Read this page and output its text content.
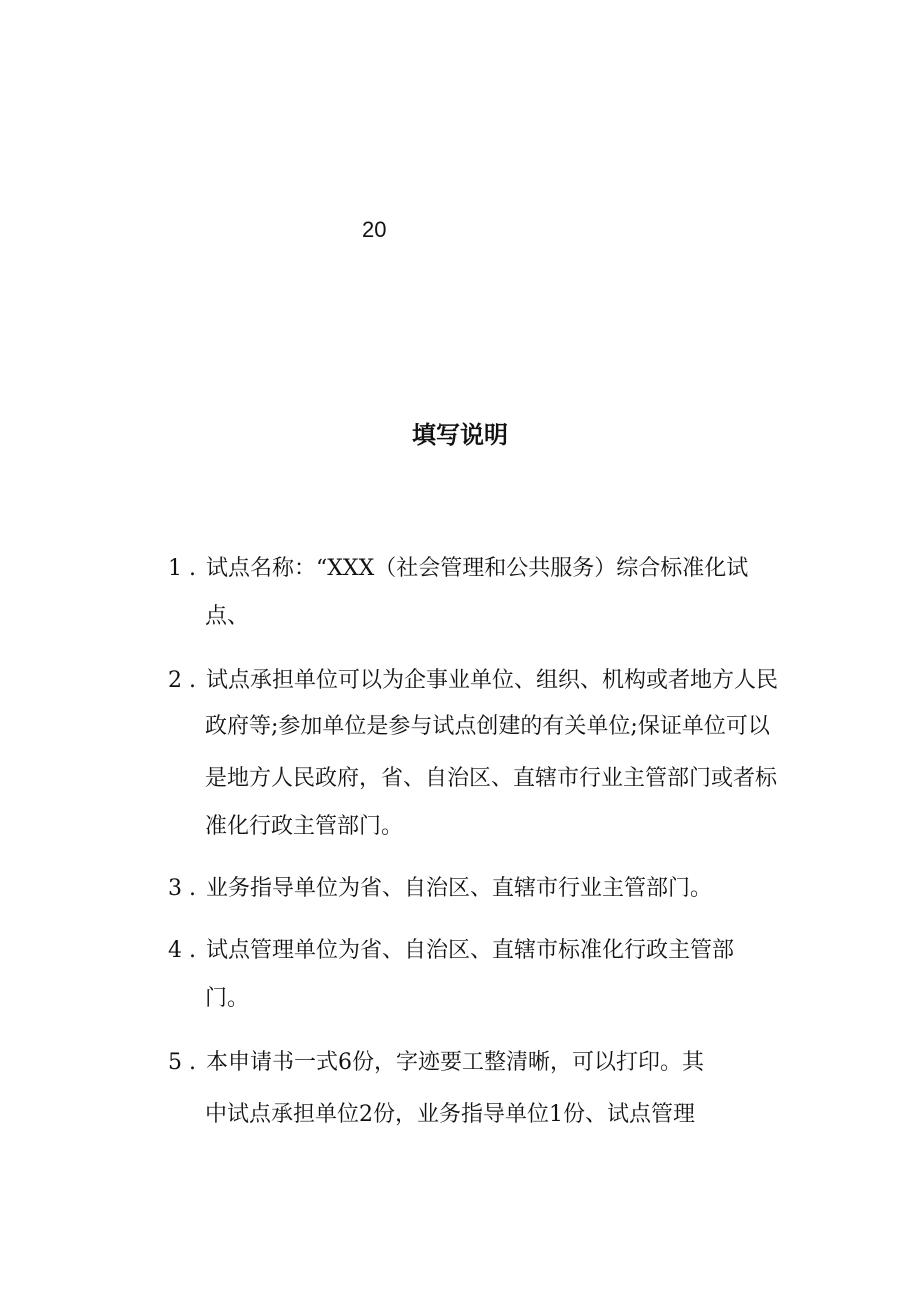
20

填写说明

1 . 试点名称：“XXX（社会管理和公共服务）综合标准化试

点、

2 . 试点承担单位可以为企事业单位、组织、机构或者地方人民

政府等;参加单位是参与试点创建的有关单位;保证单位可以

是地方人民政府，省、自治区、直辖市行业主管部门或者标

准化行政主管部门。

3 . 业务指导单位为省、自治区、直辖市行业主管部门。

4 . 试点管理单位为省、自治区、直辖市标准化行政主管部

门。

5 . 本申请书一式6份，字迹要工整清晰，可以打印。其

中试点承担单位2份，业务指导单位1份、试点管理
